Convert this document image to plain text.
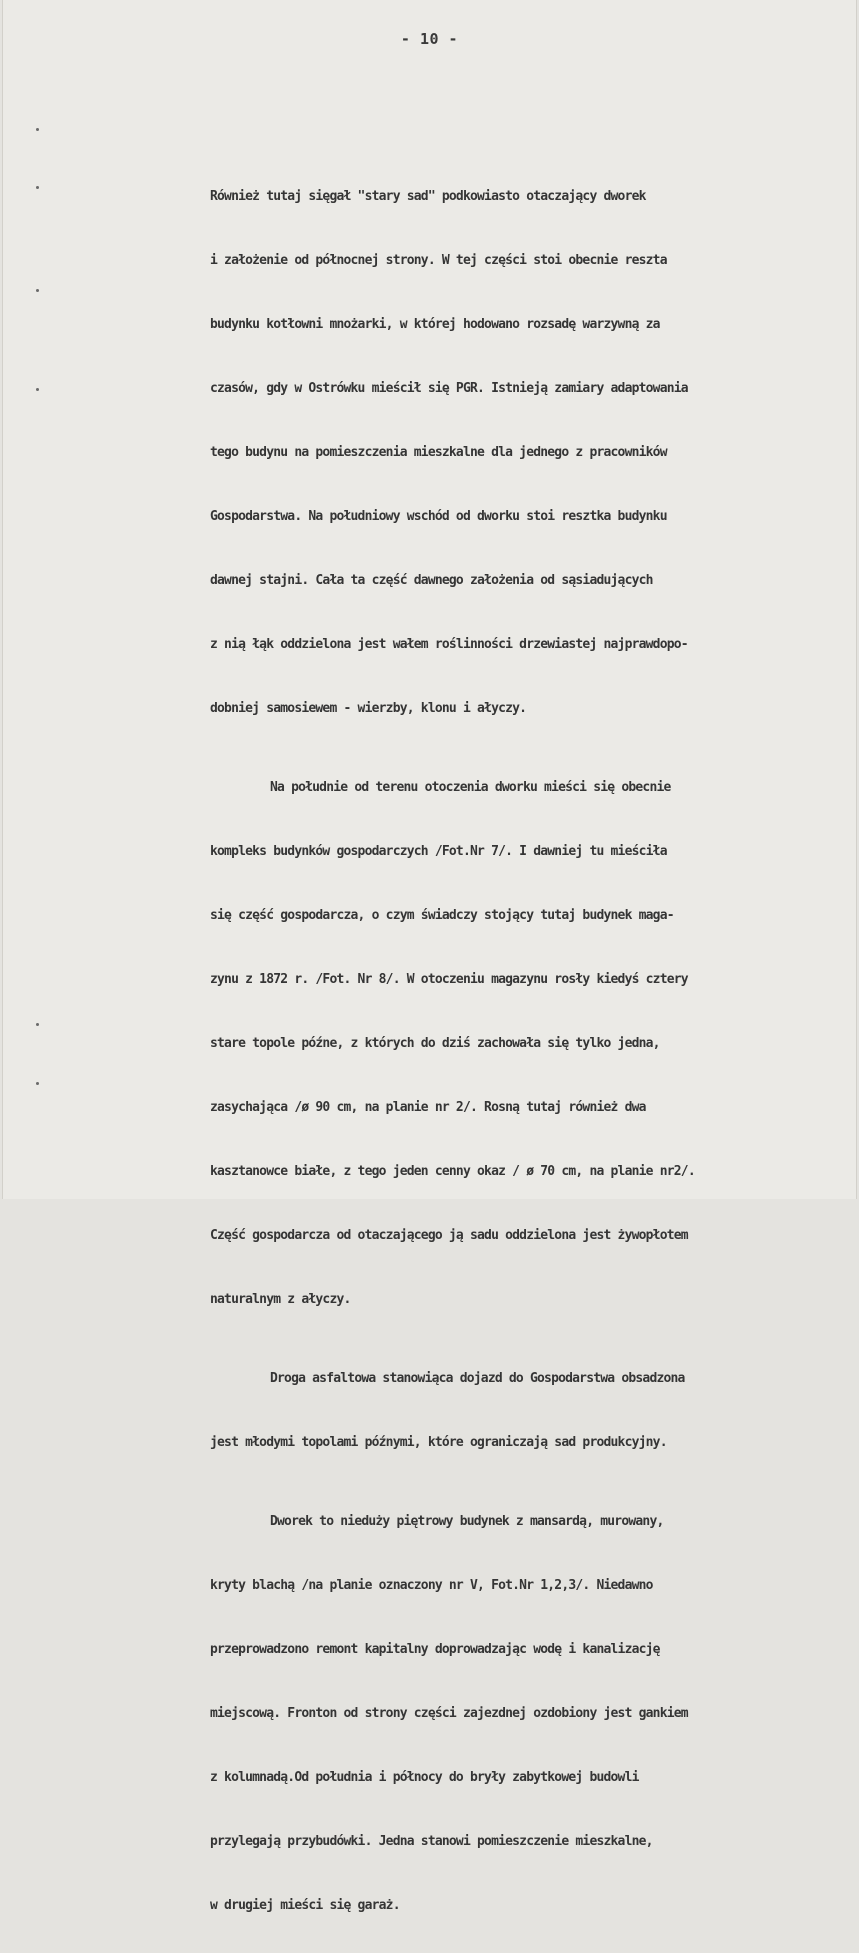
- 10 -

Również tutaj sięgał "stary sad" podkowiasto otaczający dworek

i założenie od północnej strony. W tej części stoi obecnie reszta

budynku kotłowni mnożarki, w której hodowano rozsadę warzywną za

czasów, gdy w Ostrówku mieścił się PGR. Istnieją zamiary adaptowania

tego budynu na pomieszczenia mieszkalne dla jednego z pracowników

Gospodarstwa. Na południowy wschód od dworku stoi resztka budynku

dawnej stajni. Cała ta część dawnego założenia od sąsiadujących

z nią łąk oddzielona jest wałem roślinności drzewiastej najprawdopo-

dobniej samosiewem - wierzby, klonu i ałyczy.

Na południe od terenu otoczenia dworku mieści się obecnie

kompleks budynków gospodarczych /Fot.Nr 7/. I dawniej tu mieściła

się część gospodarcza, o czym świadczy stojący tutaj budynek maga-

zynu z 1872 r. /Fot. Nr 8/. W otoczeniu magazynu rosły kiedyś cztery

stare topole późne, z których do dziś zachowała się tylko jedna,

zasychająca /ø 90 cm, na planie nr 2/. Rosną tutaj również dwa

kasztanowce białe, z tego jeden cenny okaz / ø 70 cm, na planie nr2/.

Część gospodarcza od otaczającego ją sadu oddzielona jest żywopłotem

naturalnym z ałyczy.

Droga asfaltowa stanowiąca dojazd do Gospodarstwa obsadzona

jest młodymi topolami późnymi, które ograniczają sad produkcyjny.

Dworek to nieduży piętrowy budynek z mansardą, murowany,

kryty blachą /na planie oznaczony nr V, Fot.Nr 1,2,3/. Niedawno

przeprowadzono remont kapitalny doprowadzając wodę i kanalizację

miejscową. Fronton od strony części zajezdnej ozdobiony jest gankiem

z kolumnadą.Od południa i północy do bryły zabytkowej budowli

przylegają przybudówki. Jedna stanowi pomieszczenie mieszkalne,

w drugiej mieści się garaż.
